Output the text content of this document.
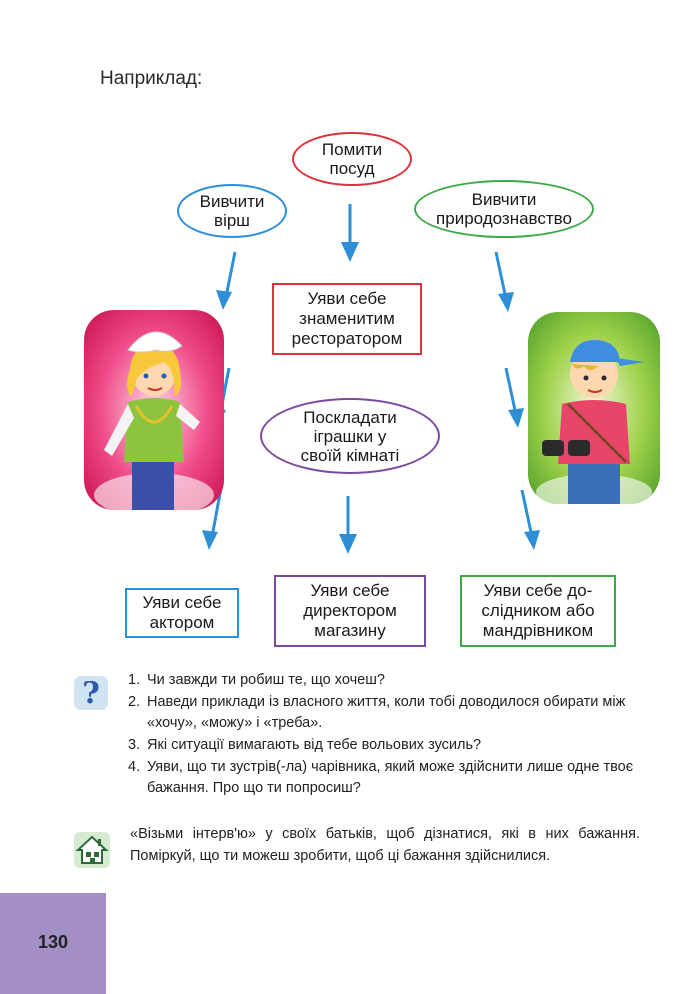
Наприклад:
Помити
посуд
Вивчити
вірш
Вивчити
природознавство
Поскладати
іграшки у
своїй кімнаті
Уяви себе
знаменитим
ресторатором
Уяви себе
актором
Уяви себе
директором
магазину
Уяви себе до-
слідником або
мандрівником
?	1. Чи завжди ти робиш те, що хочеш?
2. Наведи приклади із власного життя, коли тобі доводилося обирати між «хочу», «можу» і «треба».
3. Які ситуації вимагають від тебе вольових зусиль?
4. Уяви, що ти зустрів(-ла) чарівника, який може здійснити лише одне твоє бажання. Про що ти попросиш?
«Візьми інтерв'ю» у своїх батьків, щоб дізнатися, які в них бажання. Поміркуй, що ти можеш зробити, щоб ці бажання здійснилися.
130
